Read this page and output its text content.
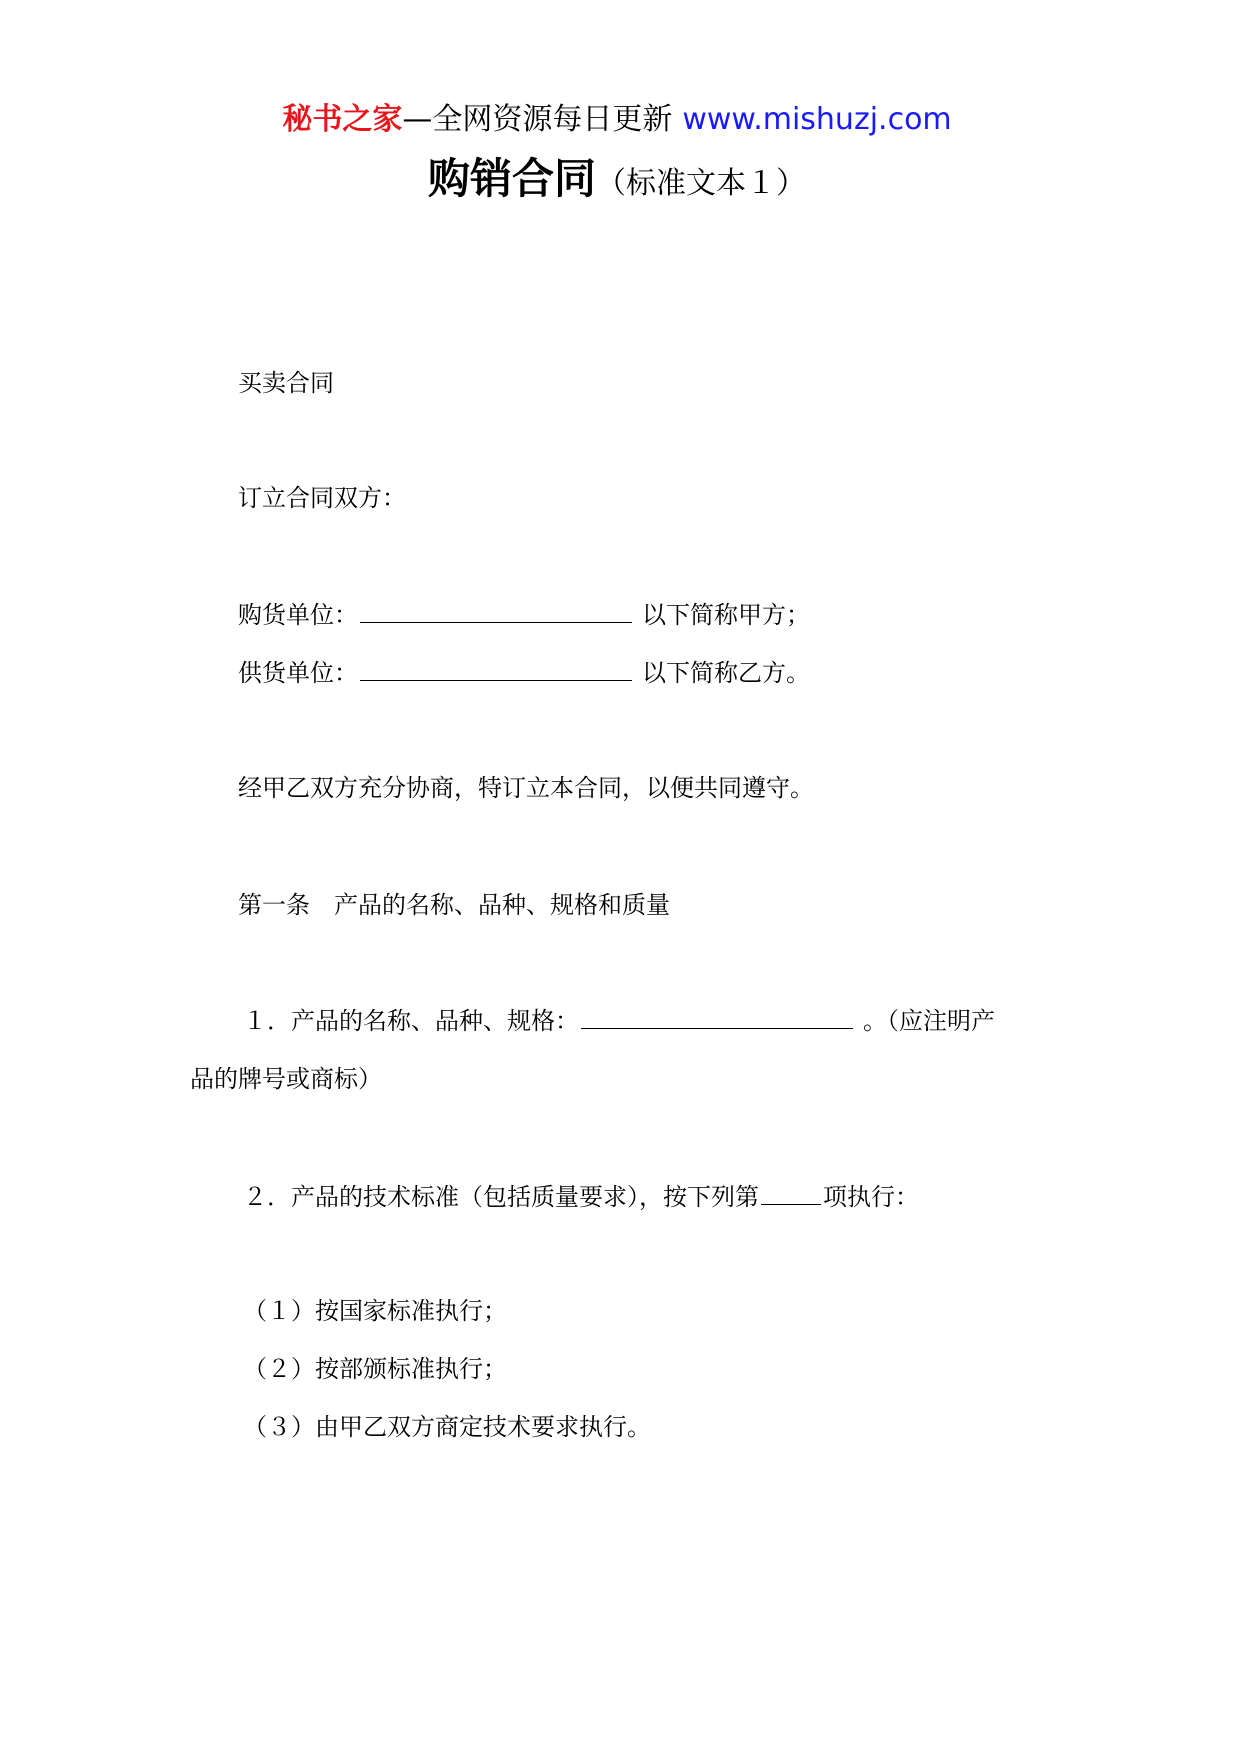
秘书之家—全网资源每日更新 www.mishuzj.com
购销合同（标准文本１）
买卖合同
订立合同双方：
购货单位：	以下简称甲方；
供货单位：	以下简称乙方。
经甲乙双方充分协商，特订立本合同，以便共同遵守。
第一条　产品的名称、品种、规格和质量
１．产品的名称、品种、规格：	。（应注明产
品的牌号或商标）
２．产品的技术标准（包括质量要求），按下列第	项执行：
（１）按国家标准执行；
（２）按部颁标准执行；
（３）由甲乙双方商定技术要求执行。
